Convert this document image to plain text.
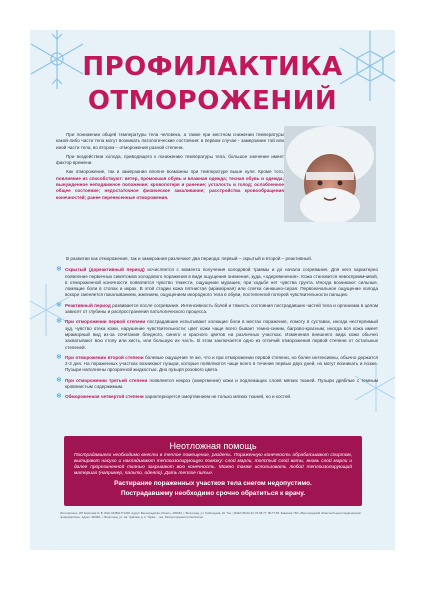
ПРОФИЛАКТИКА
ОТМОРОЖЕНИЙ

При понижении общей температуры тела человека, а также при местном снижении температуры какой-либо части тела могут возникать патологические состояния: в первом случае - замерзание той или иной части тела, во втором – отморожения разной степени.

При воздействии холода, приводящего к понижению температуры тела, большое значение имеет фактор времени.

Как отморожение, так и замерзание вполне возможны при температуре выше нуля. Кроме того, повлияние из способствуют: ветер, промокшая обувь и влажная одежда; тесная обувь и одежда; вынужденное неподвижное положение; кровопотеря и ранение; усталость и голод; ослабленное общее состояние; недостаточное физическое закаливание; расстройства кровообращения конечностей; ранее перенесенные отморожения.

В развитии как отморожения, так и замерзания различают два периода: первый – скрытый и второй – реактивный.
❄ Скрытый (дореактивный период) исчисляется с момента получения холодовой травмы и до начала согревания. Для него характерно появление первичных симптомов холодового поражения в виде ощущения онемения, зуда, «одеревенения». Кожа становится невосприимчивой, в отмороженной конечности появляется чувство тяжести, ощущение мурашек, при ходьбе нет чувства грунта. Иногда возникают сильные, ломящие боли в стопах и икрах. В этой стадии кожа пятнистая (мраморная) или слегка синюшно-серая. Первоначальное ощущение холода вскоре сменяется покалыванием, жжением, ощущением инородного тела в обуви, постепенной потерей чувствительности пальцев.
❄ Реактивный период развивается после согревания. Интенсивность болей и тяжесть состояния пострадавших частей тела и организма в целом зависят от глубины и распространения патологического процесса.
❄ При отморожении первой степени пострадавшие испытывают колющие боли в местах поражения, ломоту в суставах, иногда нестерпимый зуд, чувство отека кожи, нарушение чувствительности; цвет кожи чаще всего бывает темно-синим, багрово-красным; иногда вся кожа имеет мраморный вид из-за сочетания бледного, синего и красного цветов на различных участках. Изменения внешнего вида кожи обычно захватывают всю стопу или кисть, или большую их часть. В этом заключается одно из отличий отморожения первой степени от остальных степеней.
❄ При отморожении второй степени болевые ощущения те же, что и при отморожении первой степени, но более интенсивны, обычно держатся 2-3 дня. На пораженных участках возникают пузыри, которые появляются чаще всего в течение первых двух дней, но могут возникать и позже. Пузыри наполнены прозрачной жидкостью. Дно пузыря розового цвета.
❄ При отморожении третьей степени появляется некроз (омертвение) кожи и подлежащих слоев мягких тканей. Пузыри дряблые с темным кровянистым содержимым.
❄ Обмороженная четвертой степени характеризуется омертвением не только мягких тканей, но и костей.
Неотложная помощь
Пострадавшего необходимо внести в теплое помещение, раздеть. Пораженную конечность обрабатывают спиртом, вытирают насухо и накладывают теплоизолирующую повязку: слой марли, толстый слой ваты, вновь слой марли и далее прорезиненной тканью закрывают всю конечность. Можно также использовать любой теплоизолирующий материал (например, пальто, одеяло). Дать теплое питье.
Растирание пораженных участков тела снегом недопустимо.
Пострадавшему необходимо срочно обратиться к врачу.
Изготовитель: ИП Кирилова О. В. ИНН 344801771448. Адрес: Волгоградская область, 400064, г. Волгоград, ул. Грибоедова, 22. Тел.: (8442) 98-62-33, 97-98-77, 98-77-55. Заказчик: ГБУ «Волгоградский областной центр медицинской профилактики». Адрес: 400001, г. Волгоград, ул. им. Чуйкова, д. 2. Тираж ... экз. Распространяется бесплатно.
